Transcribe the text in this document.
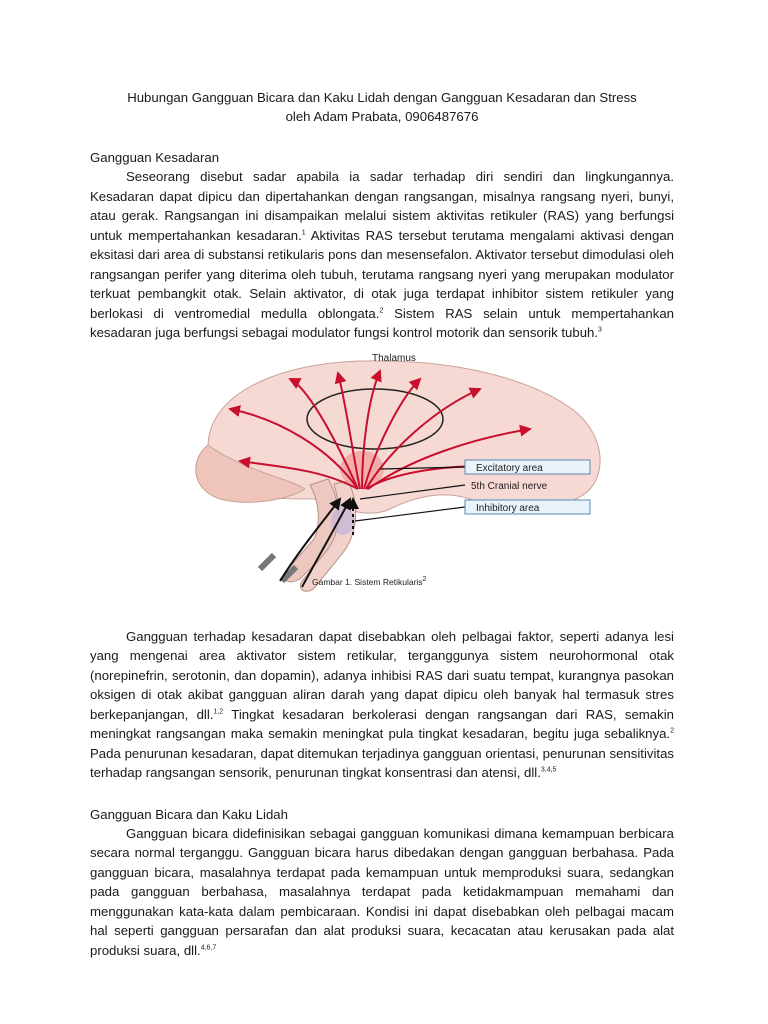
Hubungan Gangguan Bicara dan Kaku Lidah dengan Gangguan Kesadaran dan Stress
oleh Adam Prabata, 0906487676

Gangguan Kesadaran

Seseorang disebut sadar apabila ia sadar terhadap diri sendiri dan lingkungannya. Kesadaran dapat dipicu dan dipertahankan dengan rangsangan, misalnya rangsang nyeri, bunyi, atau gerak. Rangsangan ini disampaikan melalui sistem aktivitas retikuler (RAS) yang berfungsi untuk mempertahankan kesadaran.$^1$ Aktivitas RAS tersebut terutama mengalami aktivasi dengan eksitasi dari area di substansi retikularis pons dan mesensefalon. Aktivator tersebut dimodulasi oleh rangsangan perifer yang diterima oleh tubuh, terutama rangsang nyeri yang merupakan modulator terkuat pembangkit otak. Selain aktivator, di otak juga terdapat inhibitor sistem retikuler yang berlokasi di ventromedial medulla oblongata.$^2$ Sistem RAS selain untuk mempertahankan kesadaran juga berfungsi sebagai modulator fungsi kontrol motorik dan sensorik tubuh.$^3$

Thalamus
Excitatory area
5th Cranial nerve
Inhibitory area
Gambar 1. Sistem Retikularis$^2$

Gangguan terhadap kesadaran dapat disebabkan oleh pelbagai faktor, seperti adanya lesi yang mengenai area aktivator sistem retikular, terganggunya sistem neurohormonal otak (norepinefrin, serotonin, dan dopamin), adanya inhibisi RAS dari suatu tempat, kurangnya pasokan oksigen di otak akibat gangguan aliran darah yang dapat dipicu oleh banyak hal termasuk stres berkepanjangan, dll.$^{1,2}$ Tingkat kesadaran berkolerasi dengan rangsangan dari RAS, semakin meningkat rangsangan maka semakin meningkat pula tingkat kesadaran, begitu juga sebaliknya.$^2$ Pada penurunan kesadaran, dapat ditemukan terjadinya gangguan orientasi, penurunan sensitivitas terhadap rangsangan sensorik, penurunan tingkat konsentrasi dan atensi, dll.$^{3,4,5}$

Gangguan Bicara dan Kaku Lidah

Gangguan bicara didefinisikan sebagai gangguan komunikasi dimana kemampuan berbicara secara normal terganggu. Gangguan bicara harus dibedakan dengan gangguan berbahasa. Pada gangguan bicara, masalahnya terdapat pada kemampuan untuk memproduksi suara, sedangkan pada gangguan berbahasa, masalahnya terdapat pada ketidakmampuan memahami dan menggunakan kata-kata dalam pembicaraan. Kondisi ini dapat disebabkan oleh pelbagai macam hal seperti gangguan persarafan dan alat produksi suara, kecacatan atau kerusakan pada alat produksi suara, dll.$^{4,6,7}$
